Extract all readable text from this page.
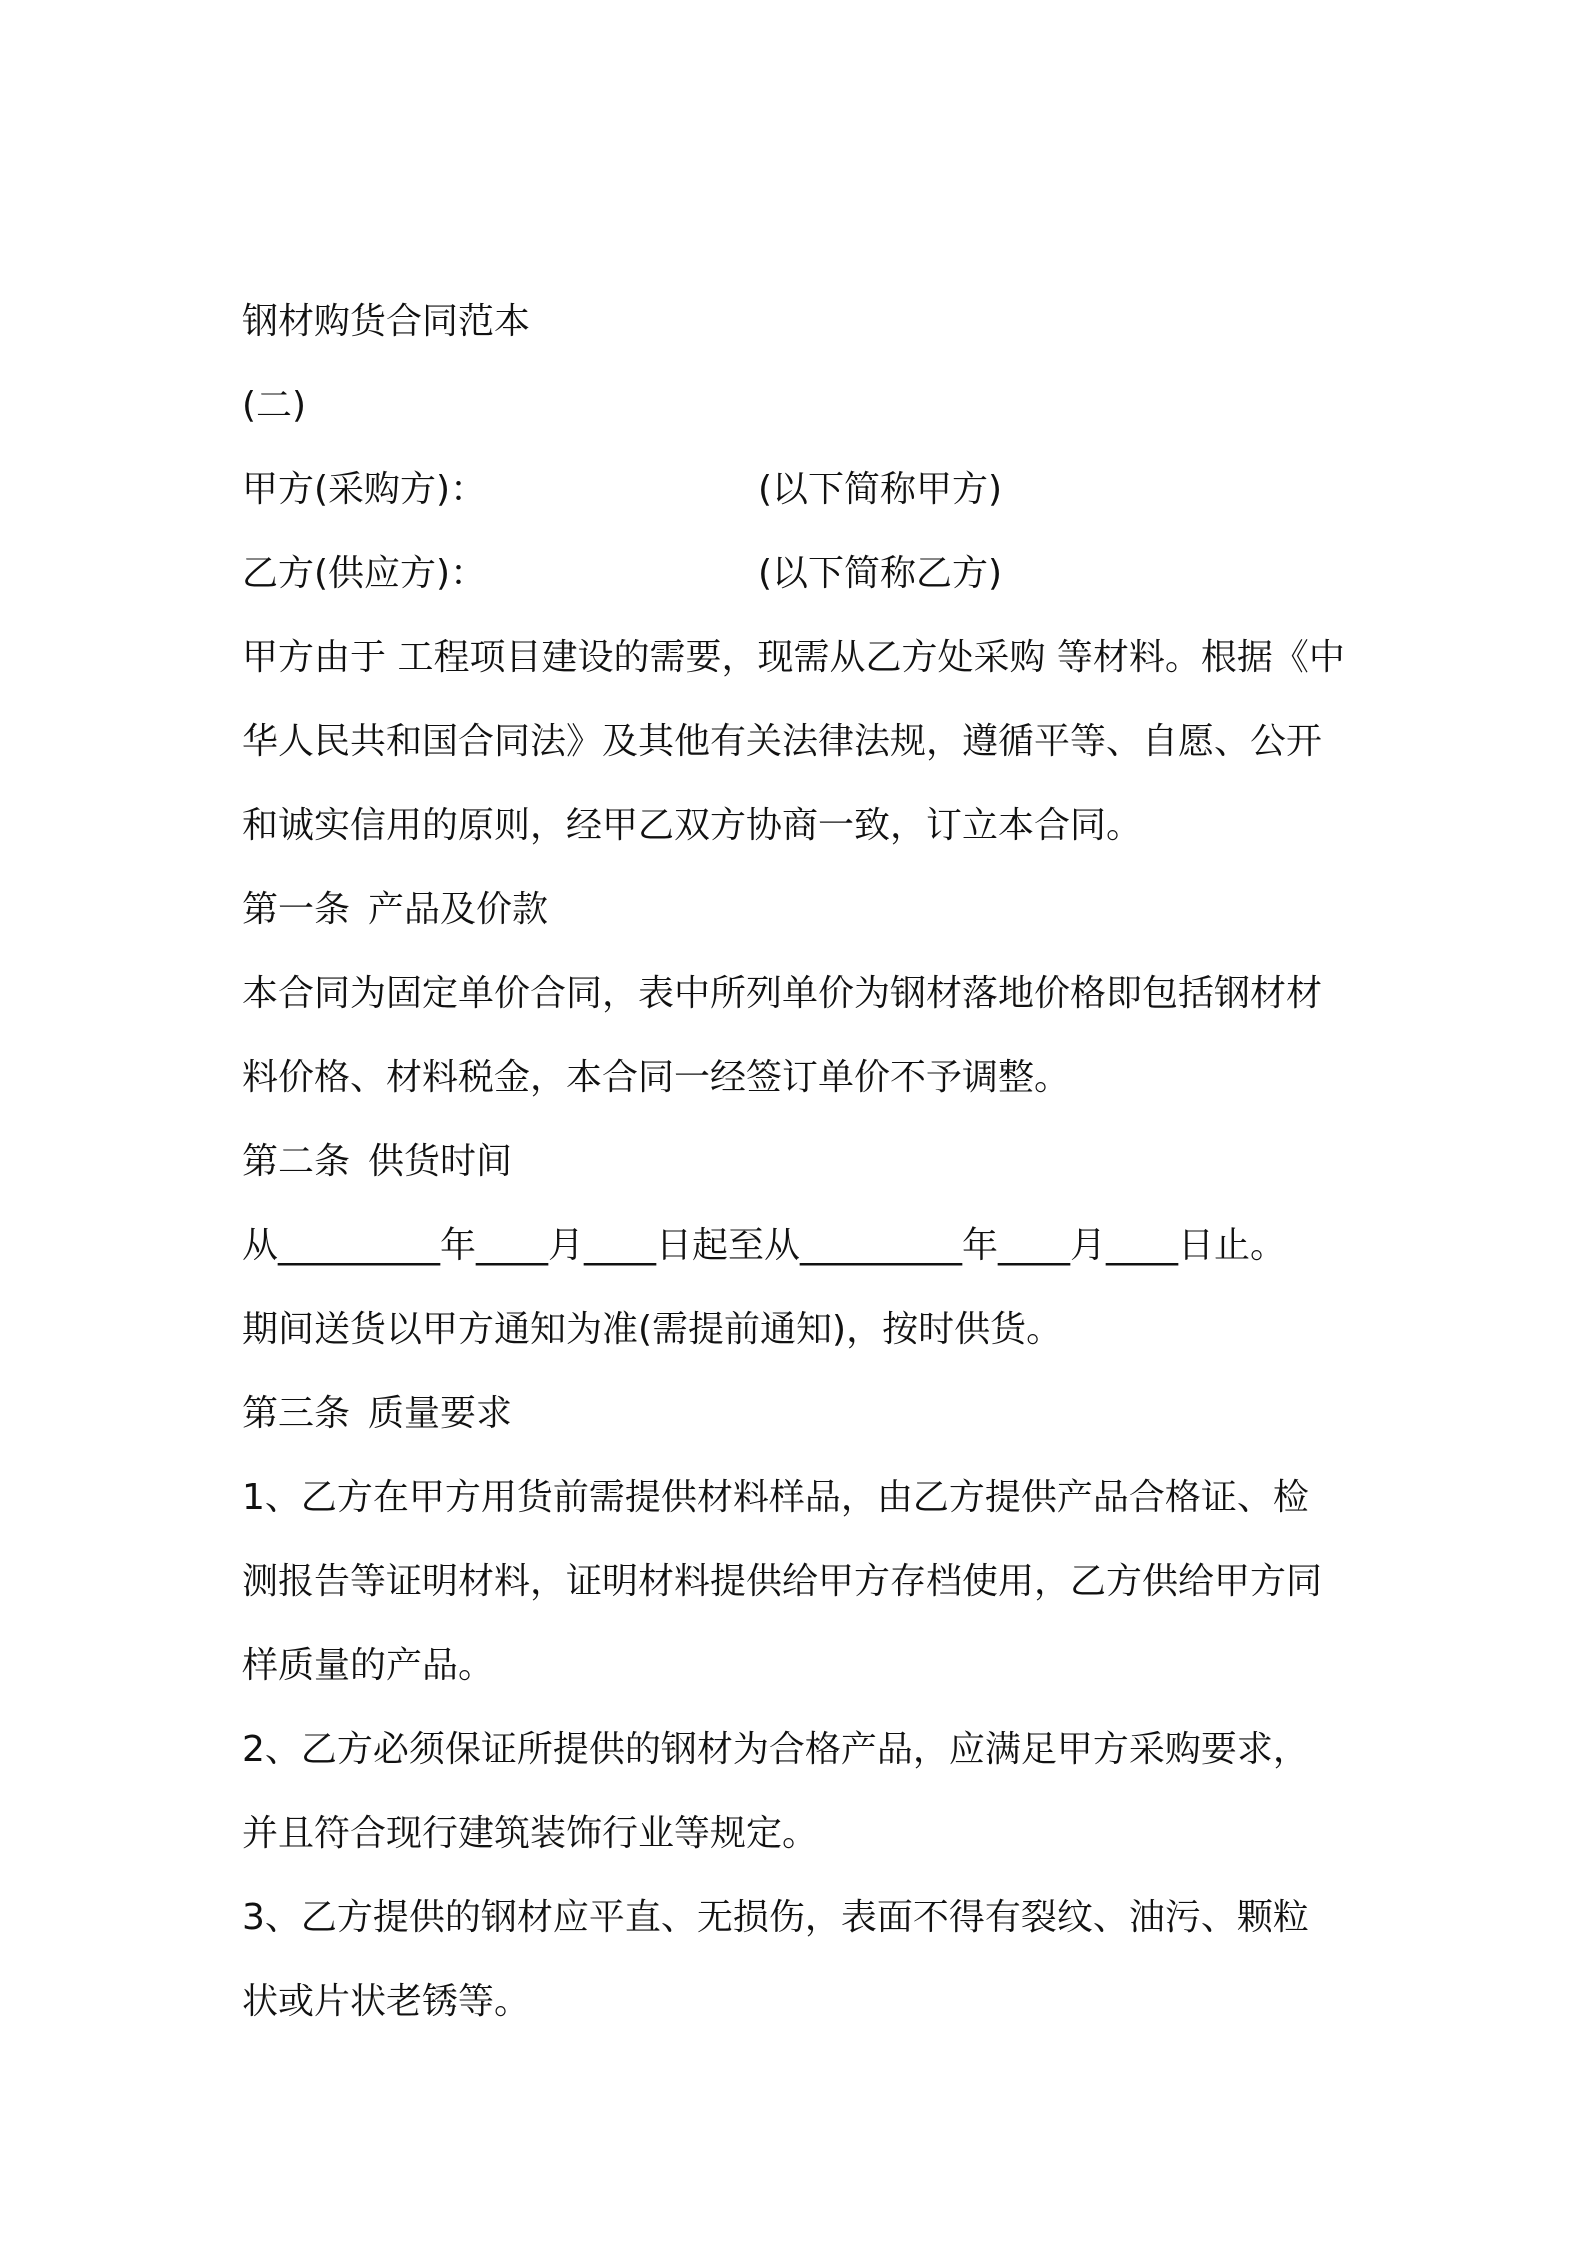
钢材购货合同范本

(二)

甲方(采购方)：	(以下简称甲方)
乙方(供应方)：	(以下简称乙方)

甲方由于 工程项目建设的需要，现需从乙方处采购 等材料。根据《中

华人民共和国合同法》及其他有关法律法规，遵循平等、自愿、公开

和诚实信用的原则，经甲乙双方协商一致，订立本合同。

第一条 产品及价款

本合同为固定单价合同，表中所列单价为钢材落地价格即包括钢材材

料价格、材料税金，本合同一经签订单价不予调整。

第二条 供货时间

从_________年____月____日起至从_________年____月____日止。

期间送货以甲方通知为准(需提前通知)，按时供货。

第三条 质量要求

1、乙方在甲方用货前需提供材料样品，由乙方提供产品合格证、检

测报告等证明材料，证明材料提供给甲方存档使用，乙方供给甲方同

样质量的产品。

2、乙方必须保证所提供的钢材为合格产品，应满足甲方采购要求，

并且符合现行建筑装饰行业等规定。

3、乙方提供的钢材应平直、无损伤，表面不得有裂纹、油污、颗粒

状或片状老锈等。
